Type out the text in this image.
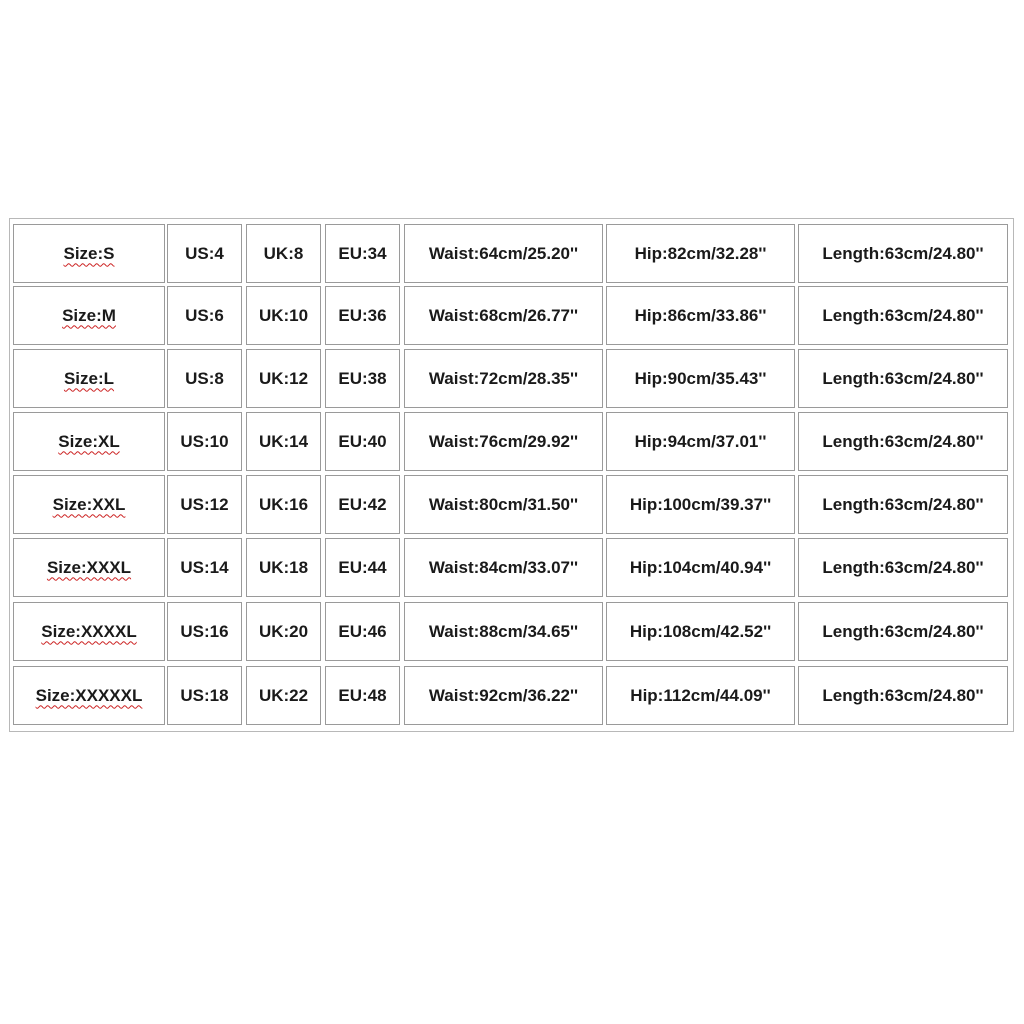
Size:S	US:4 UK:8 EU:34 Waist:64cm/25.20''	Hip:82cm/32.28''	Length:63cm/24.80''
Size:M	US:6 UK:10 EU:36 Waist:68cm/26.77''	Hip:86cm/33.86''	Length:63cm/24.80''
Size:L	US:8 UK:12 EU:38 Waist:72cm/28.35''	Hip:90cm/35.43''	Length:63cm/24.80''
Size:XL	US:10 UK:14 EU:40 Waist:76cm/29.92''	Hip:94cm/37.01''	Length:63cm/24.80''
Size:XXL	US:12 UK:16 EU:42 Waist:80cm/31.50''	Hip:100cm/39.37''	Length:63cm/24.80''
Size:XXXL	US:14 UK:18 EU:44 Waist:84cm/33.07''	Hip:104cm/40.94''	Length:63cm/24.80''
Size:XXXXL	US:16 UK:20 EU:46 Waist:88cm/34.65''	Hip:108cm/42.52''	Length:63cm/24.80''
Size:XXXXXL US:18 UK:22 EU:48 Waist:92cm/36.22''	Hip:112cm/44.09''	Length:63cm/24.80''
